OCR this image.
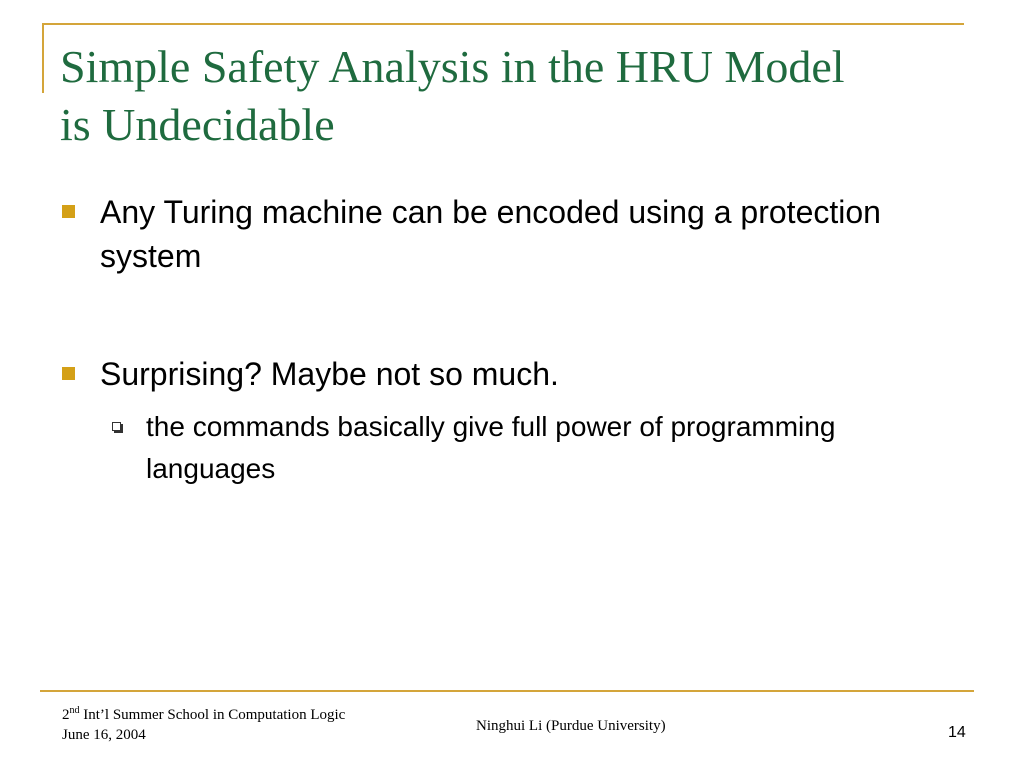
Simple Safety Analysis in the HRU Model
is Undecidable
Any Turing machine can be encoded using a protection system
Surprising? Maybe not so much.
the commands basically give full power of programming languages
2nd Int’l Summer School in Computation Logic
June 16, 2004
Ninghui Li (Purdue University)	14
